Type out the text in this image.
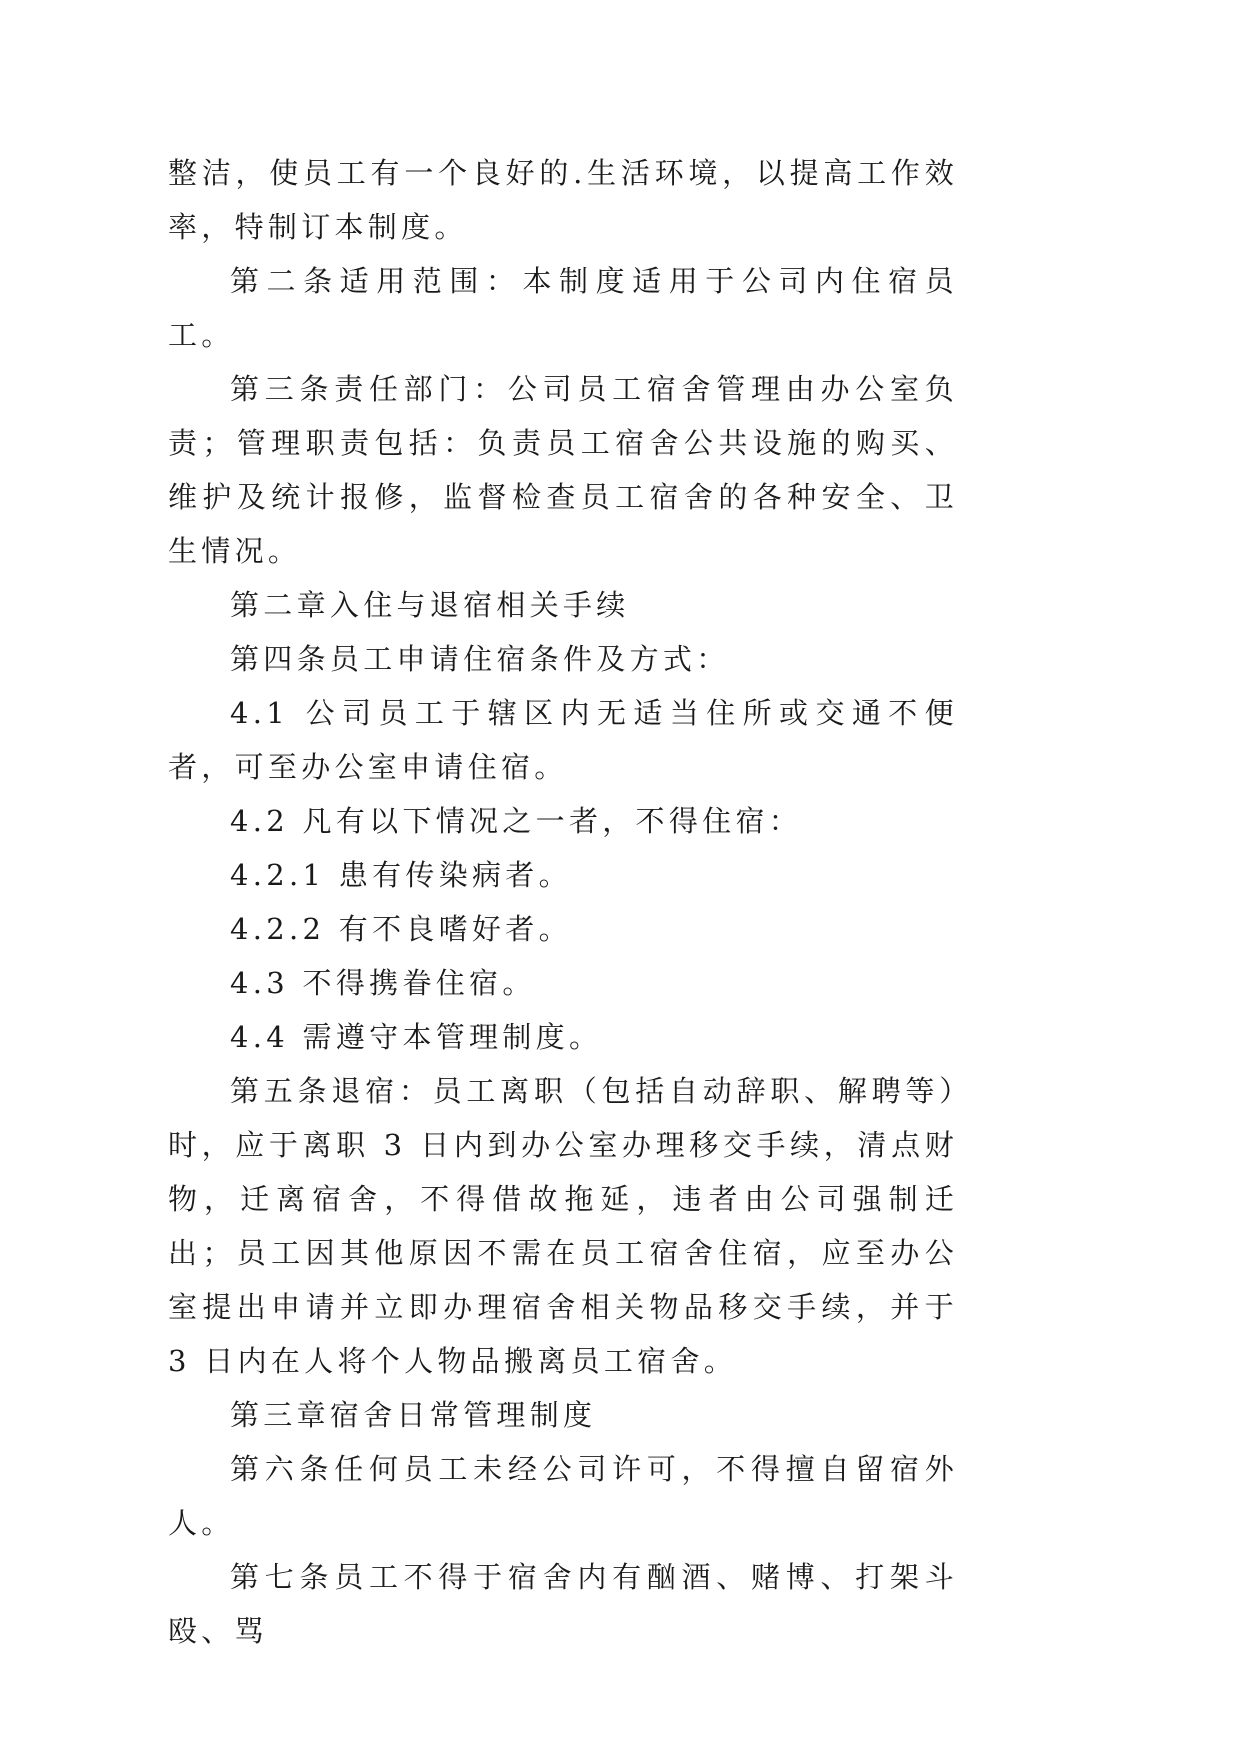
整洁，使员工有一个良好的.生活环境，以提高工作效率，特制订本制度。

第二条适用范围：本制度适用于公司内住宿员工。

第三条责任部门：公司员工宿舍管理由办公室负责；管理职责包括：负责员工宿舍公共设施的购买、维护及统计报修，监督检查员工宿舍的各种安全、卫生情况。

第二章入住与退宿相关手续

第四条员工申请住宿条件及方式：

4.1 公司员工于辖区内无适当住所或交通不便者，可至办公室申请住宿。

4.2 凡有以下情况之一者，不得住宿：

4.2.1 患有传染病者。

4.2.2 有不良嗜好者。

4.3 不得携眷住宿。

4.4 需遵守本管理制度。

第五条退宿：员工离职（包括自动辞职、解聘等）时，应于离职 3 日内到办公室办理移交手续，清点财物，迁离宿舍，不得借故拖延，违者由公司强制迁出；员工因其他原因不需在员工宿舍住宿，应至办公室提出申请并立即办理宿舍相关物品移交手续，并于 3 日内在人将个人物品搬离员工宿舍。

第三章宿舍日常管理制度

第六条任何员工未经公司许可，不得擅自留宿外人。

第七条员工不得于宿舍内有酗酒、赌博、打架斗殴、骂
